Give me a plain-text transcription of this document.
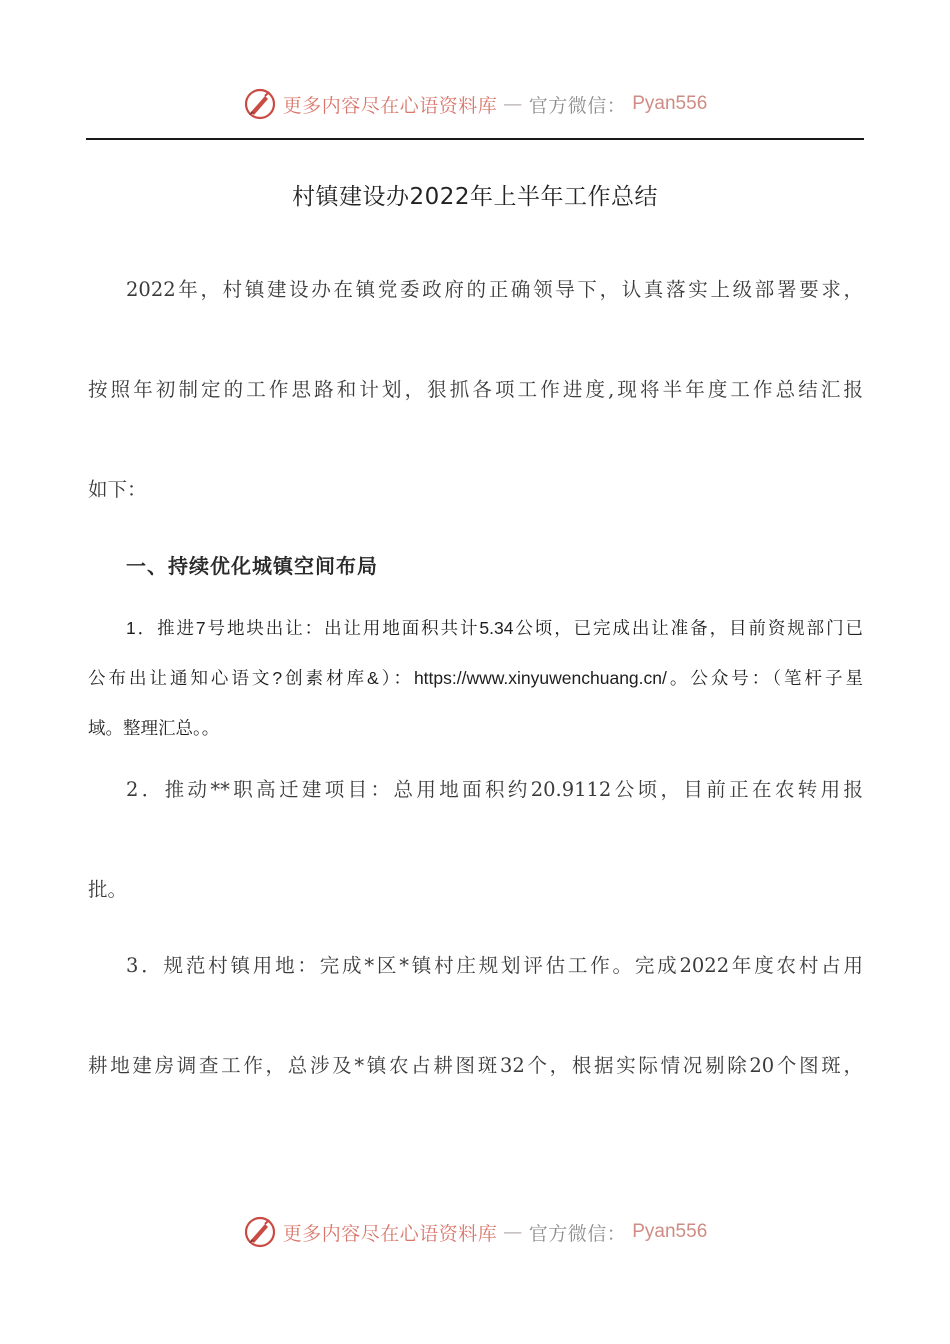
更多内容尽在心语资料库 — 官方微信： Pyan556
村镇建设办2022年上半年工作总结
2022年，村镇建设办在镇党委政府的正确领导下，认真落实上级部署要求，
按照年初制定的工作思路和计划，狠抓各项工作进度,现将半年度工作总结汇报
如下：
一、持续优化城镇空间布局
1．推进7号地块出让：出让用地面积共计5.34公顷，已完成出让准备，目前资规部门已
公布出让通知心语文?创素材库&）：https://www.xinyuwenchuang.cn/。公众号：（笔杆子星
域。整理汇总。。
2．推动**职高迁建项目：总用地面积约20.9112公顷，目前正在农转用报
批。
3．规范村镇用地：完成*区*镇村庄规划评估工作。完成2022年度农村占用
耕地建房调查工作，总涉及*镇农占耕图斑32个，根据实际情况剔除20个图斑，
更多内容尽在心语资料库 — 官方微信： Pyan556
